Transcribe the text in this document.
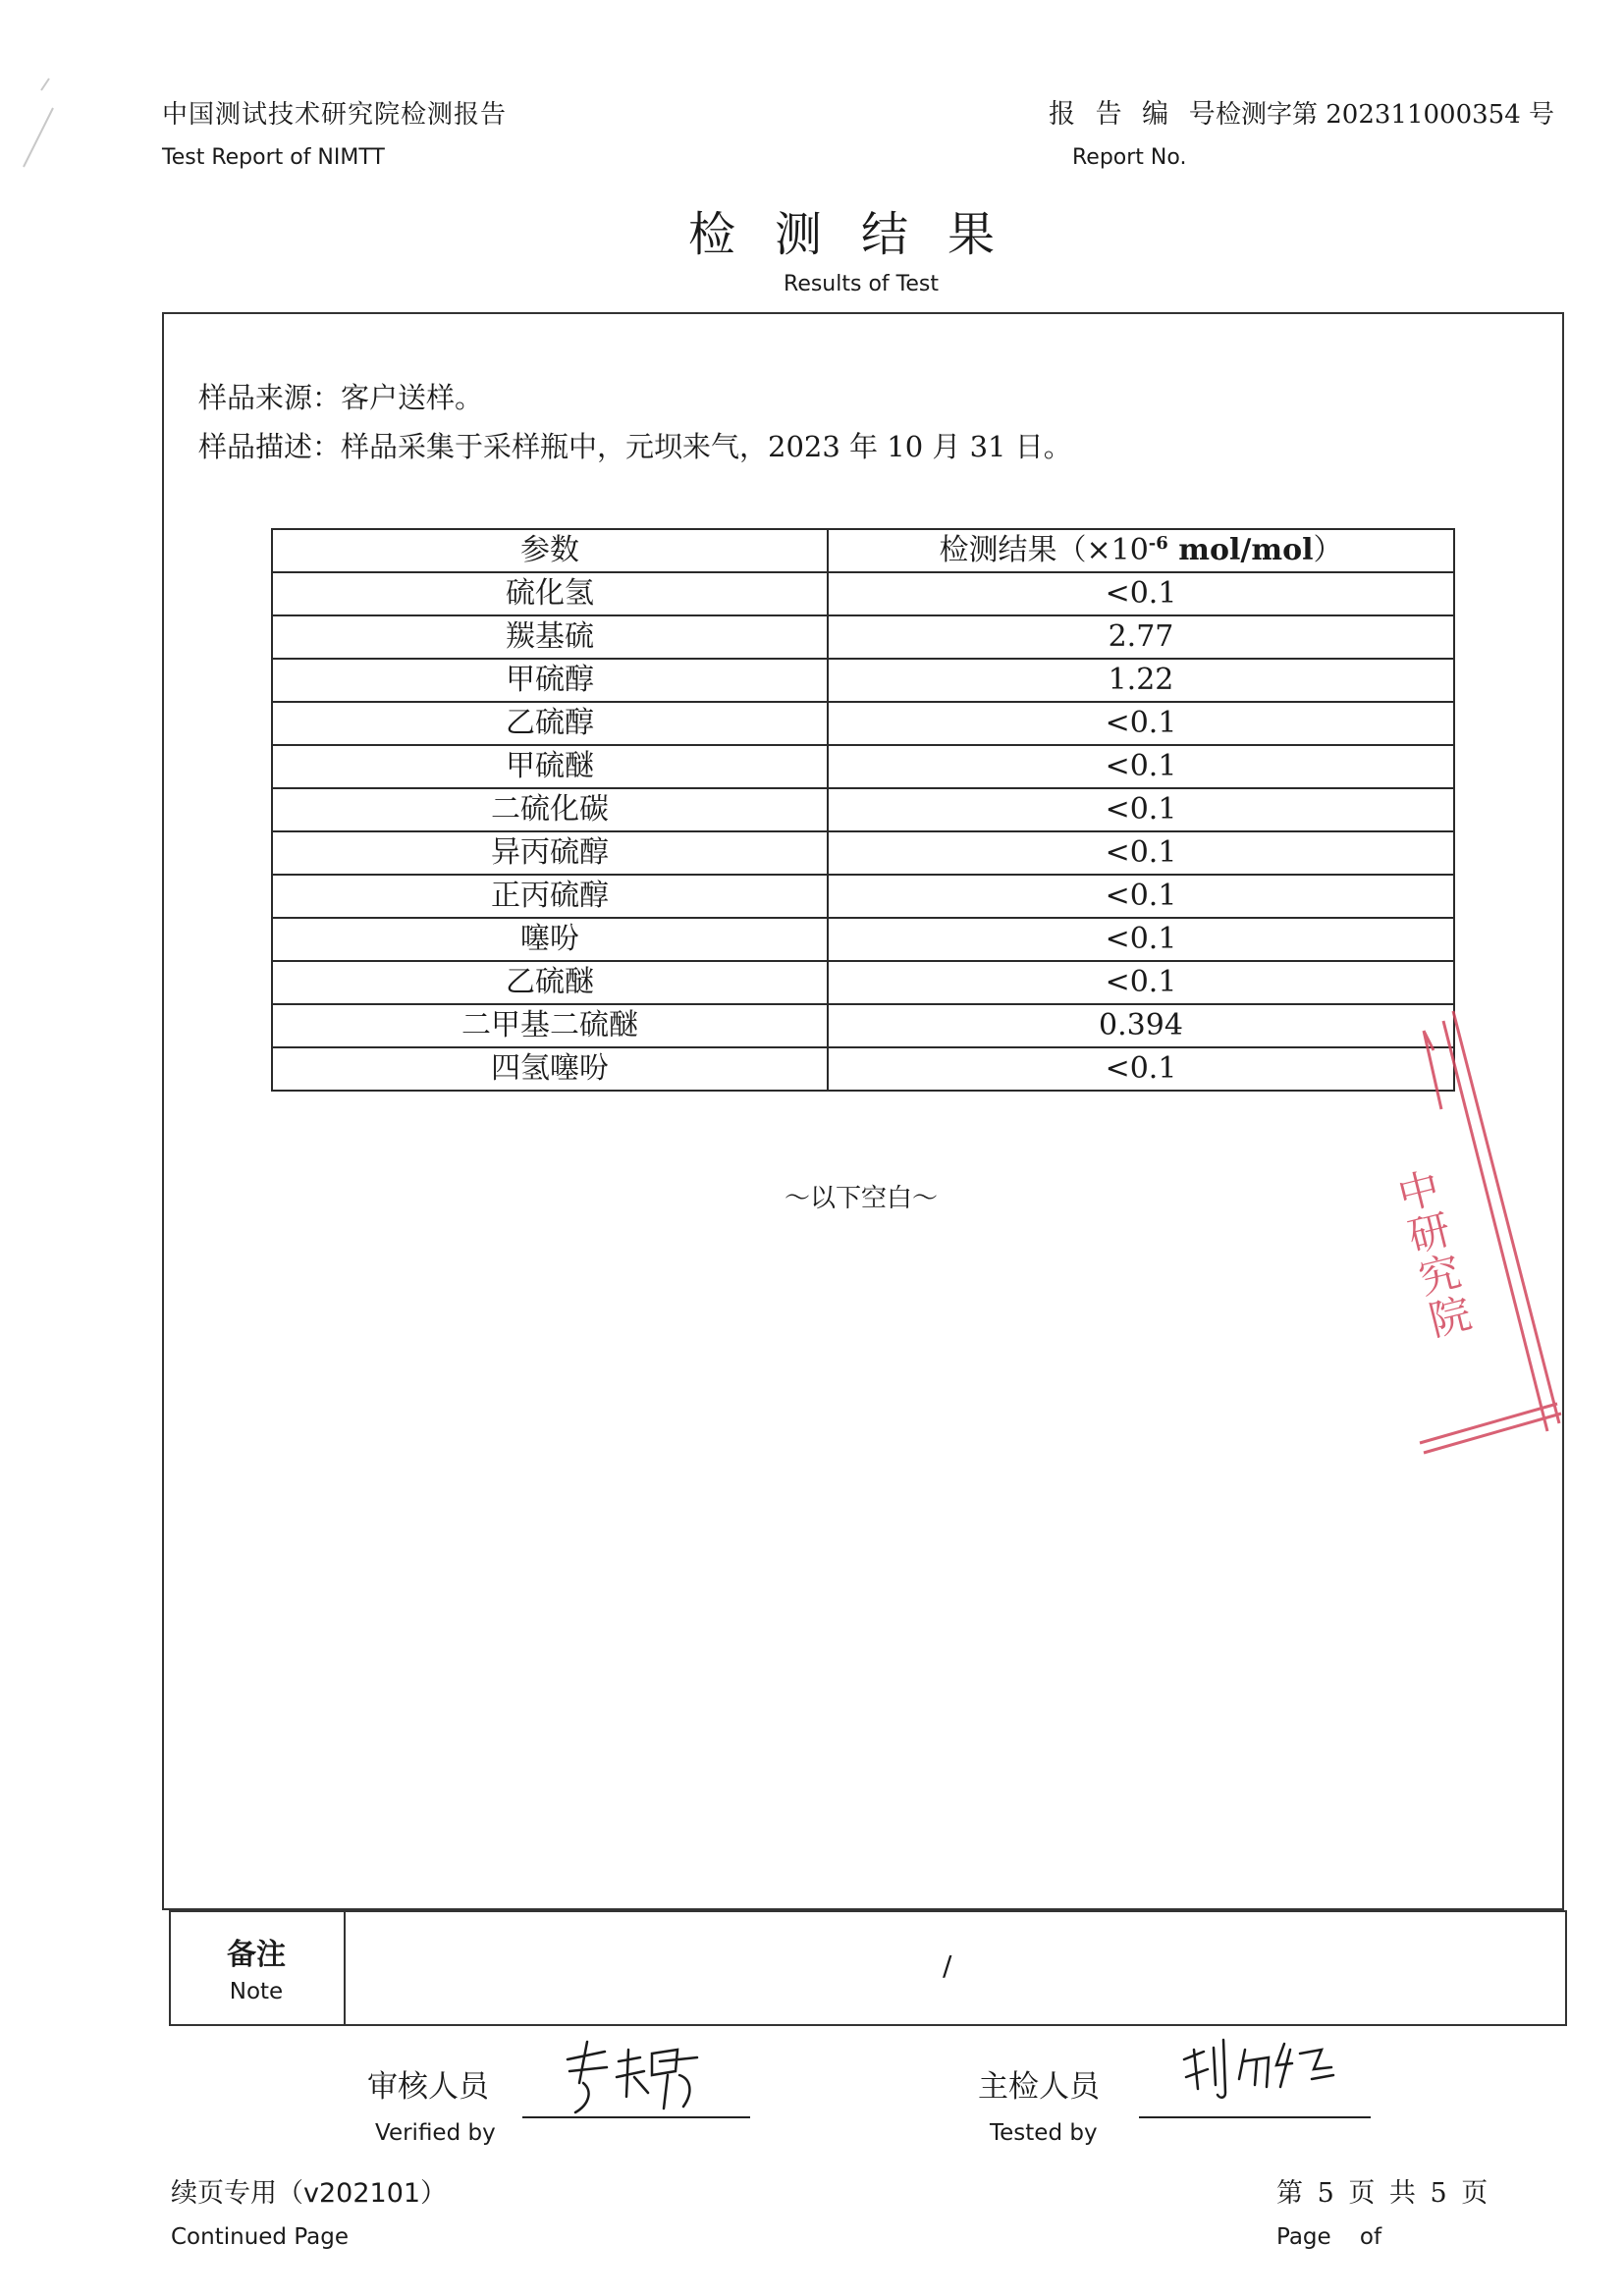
中国测试技术研究院检测报告
Test Report of NIMTT
报 告 编 号
检测字第 202311000354 号
Report No.
检测结果
Results of Test
样品来源：客户送样。
样品描述：样品采集于采样瓶中，元坝来气，2023 年 10 月 31 日。
参数	检测结果（$\times 10^{-6}$ mol/mol）
硫化氢	<0.1
羰基硫	2.77
甲硫醇	1.22
乙硫醇	<0.1
甲硫醚	<0.1
二硫化碳	<0.1
异丙硫醇	<0.1
正丙硫醇	<0.1
噻吩	<0.1
乙硫醚	<0.1
二甲基二硫醚	0.394
四氢噻吩	<0.1
～以下空白～	中研究院
备注
Note
/
审核人员
Verified by
主检人员
Tested by
续页专用（v202101）
Continued Page
第 5 页 共 5 页
Page    of
